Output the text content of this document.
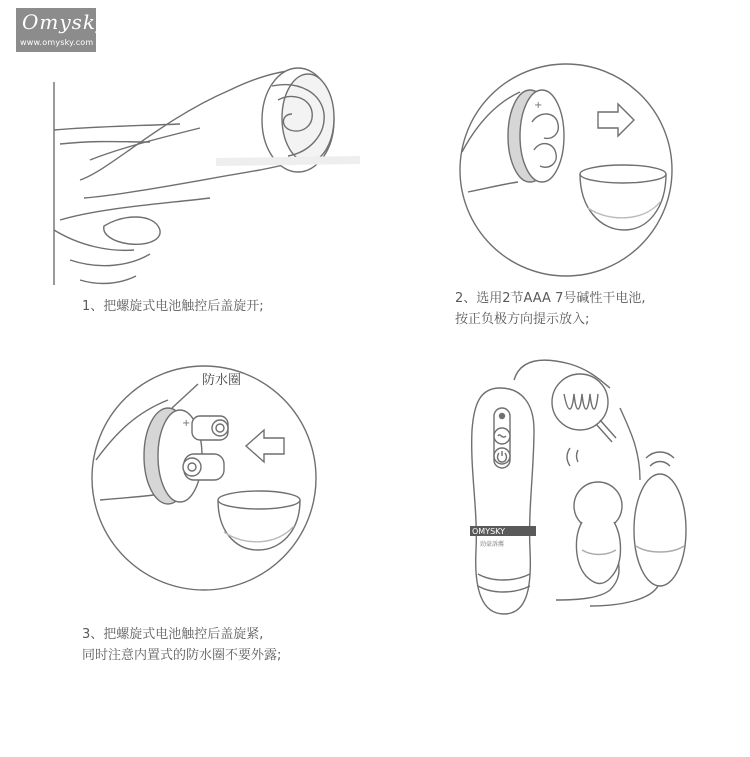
Omysky
www.omysky.com
+
+
防水圈
OMYSKY
勁豪訴薦
1、把螺旋式电池触控后盖旋开;
2、选用2节AAA 7号碱性干电池,
按正负极方向提示放入;
3、把螺旋式电池触控后盖旋紧,
同时注意内置式的防水圈不要外露;
